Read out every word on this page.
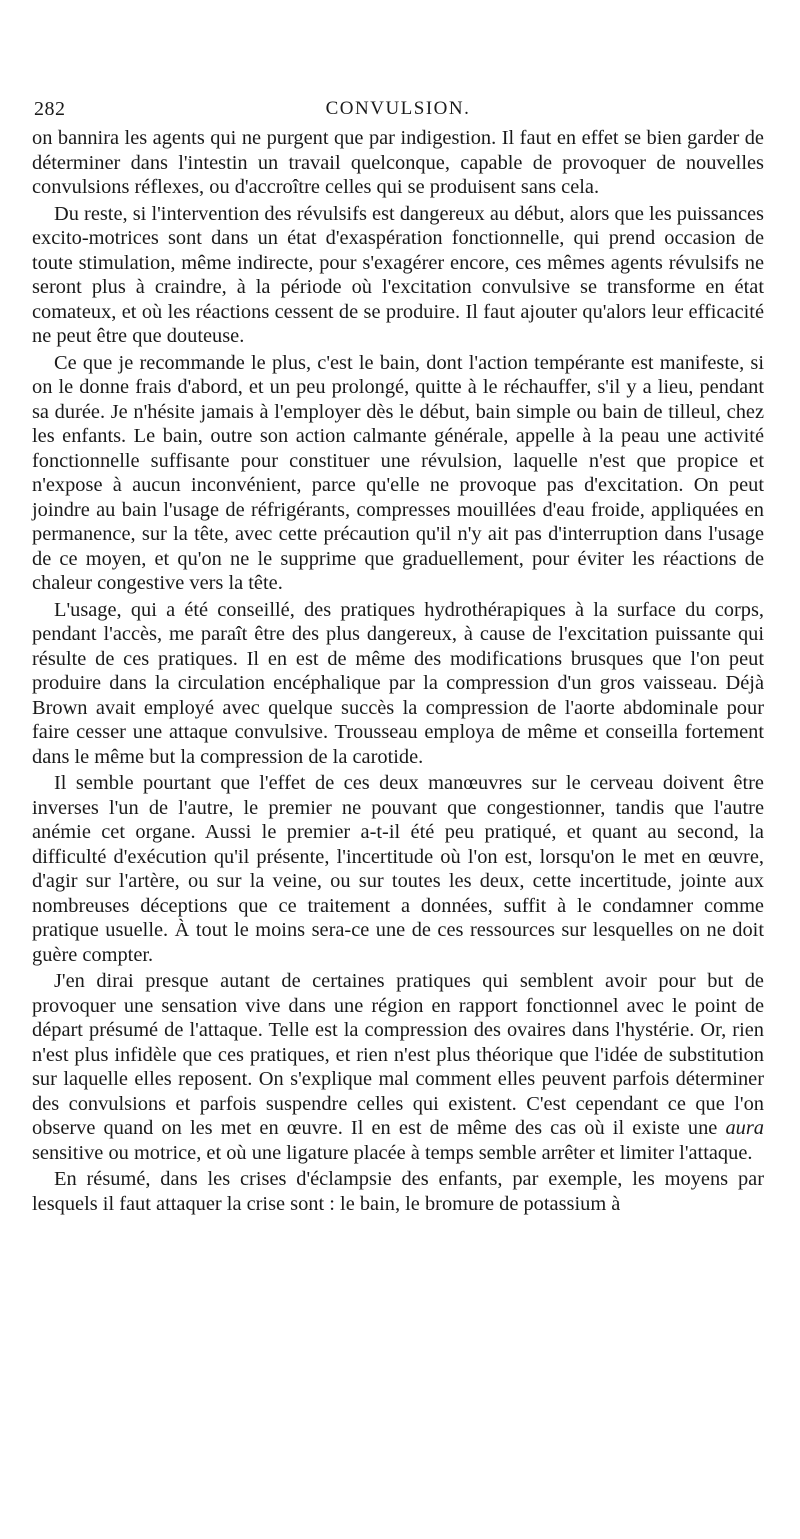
282	CONVULSION.

on bannira les agents qui ne purgent que par indigestion. Il faut en effet se bien garder de déterminer dans l'intestin un travail quelconque, capable de provoquer de nouvelles convulsions réflexes, ou d'accroître celles qui se produisent sans cela.

Du reste, si l'intervention des révulsifs est dangereux au début, alors que les puissances excito-motrices sont dans un état d'exaspération fonctionnelle, qui prend occasion de toute stimulation, même indirecte, pour s'exagérer encore, ces mêmes agents révulsifs ne seront plus à craindre, à la période où l'excitation convulsive se transforme en état comateux, et où les réactions cessent de se produire. Il faut ajouter qu'alors leur efficacité ne peut être que douteuse.

Ce que je recommande le plus, c'est le bain, dont l'action tempérante est manifeste, si on le donne frais d'abord, et un peu prolongé, quitte à le réchauffer, s'il y a lieu, pendant sa durée. Je n'hésite jamais à l'employer dès le début, bain simple ou bain de tilleul, chez les enfants. Le bain, outre son action calmante générale, appelle à la peau une activité fonctionnelle suffisante pour constituer une révulsion, laquelle n'est que propice et n'expose à aucun inconvénient, parce qu'elle ne provoque pas d'excitation. On peut joindre au bain l'usage de réfrigérants, compresses mouillées d'eau froide, appliquées en permanence, sur la tête, avec cette précaution qu'il n'y ait pas d'interruption dans l'usage de ce moyen, et qu'on ne le supprime que graduellement, pour éviter les réactions de chaleur congestive vers la tête.

L'usage, qui a été conseillé, des pratiques hydrothérapiques à la surface du corps, pendant l'accès, me paraît être des plus dangereux, à cause de l'excitation puissante qui résulte de ces pratiques. Il en est de même des modifications brusques que l'on peut produire dans la circulation encéphalique par la compression d'un gros vaisseau. Déjà Brown avait employé avec quelque succès la compression de l'aorte abdominale pour faire cesser une attaque convulsive. Trousseau employa de même et conseilla fortement dans le même but la compression de la carotide.

Il semble pourtant que l'effet de ces deux manœuvres sur le cerveau doivent être inverses l'un de l'autre, le premier ne pouvant que congestionner, tandis que l'autre anémie cet organe. Aussi le premier a-t-il été peu pratiqué, et quant au second, la difficulté d'exécution qu'il présente, l'incertitude où l'on est, lorsqu'on le met en œuvre, d'agir sur l'artère, ou sur la veine, ou sur toutes les deux, cette incertitude, jointe aux nombreuses déceptions que ce traitement a données, suffit à le condamner comme pratique usuelle. À tout le moins sera-ce une de ces ressources sur lesquelles on ne doit guère compter.

J'en dirai presque autant de certaines pratiques qui semblent avoir pour but de provoquer une sensation vive dans une région en rapport fonctionnel avec le point de départ présumé de l'attaque. Telle est la compression des ovaires dans l'hystérie. Or, rien n'est plus infidèle que ces pratiques, et rien n'est plus théorique que l'idée de substitution sur laquelle elles reposent. On s'explique mal comment elles peuvent parfois déterminer des convulsions et parfois suspendre celles qui existent. C'est cependant ce que l'on observe quand on les met en œuvre. Il en est de même des cas où il existe une aura sensitive ou motrice, et où une ligature placée à temps semble arrêter et limiter l'attaque.

En résumé, dans les crises d'éclampsie des enfants, par exemple, les moyens par lesquels il faut attaquer la crise sont : le bain, le bromure de potassium à
